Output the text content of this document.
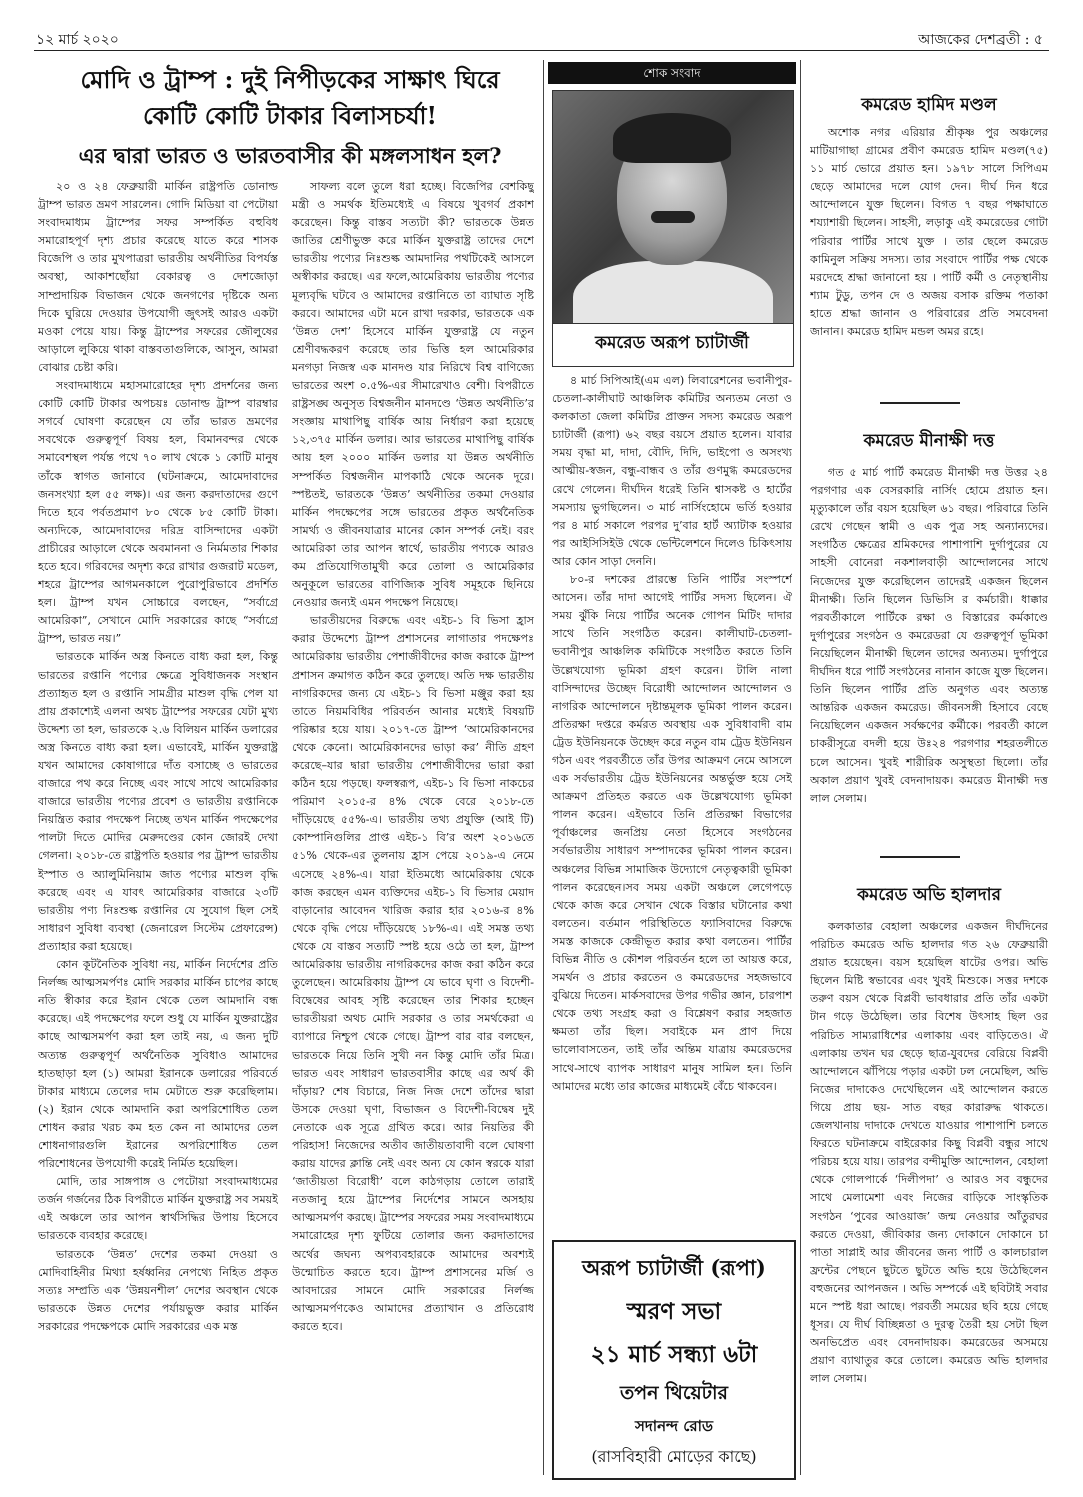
১২ মার্চ ২০২০	আজকের দেশব্রতী : ৫
মোদি ও ট্রাম্প : দুই নিপীড়কের সাক্ষাৎ ঘিরে
কোটি কোটি টাকার বিলাসচর্যা!
এর দ্বারা ভারত ও ভারতবাসীর কী মঙ্গলসাধন হল?

২০ ও ২৪ ফেব্রুয়ারী মার্কিন রাষ্ট্রপতি ডোনাল্ড ট্রাম্প ভারত ভ্রমণ সারলেন। গোদি মিডিয়া বা পেটোয়া সংবাদমাধ্যম ট্রাম্পের সফর সম্পর্কিত বহুবিধ সমারোহপূর্ণ দৃশ্য প্রচার করেছে যাতে করে শাসক বিজেপি ও তার মুখপাত্ররা ভারতীয় অর্থনীতির বিপর্যস্ত অবস্থা, আকাশছোঁয়া বেকারত্ব ও দেশজোড়া সাম্প্রদায়িক বিভাজন থেকে জনগণের দৃষ্টিকে অন্য দিকে ঘুরিয়ে দেওয়ার উপযোগী জুৎসই আরও একটা মওকা পেয়ে যায়। কিন্তু ট্রাম্পের সফরের জৌলুষের আড়ালে লুকিয়ে থাকা বাস্তবতাগুলিকে, আসুন, আমরা বোঝার চেষ্টা করি।

সংবাদমাধ্যমে মহাসমারোহের দৃশ্য প্রদর্শনের জন্য কোটি কোটি টাকার অপচয়ঃ ডোনাল্ড ট্রাম্প বারম্বার সগর্বে ঘোষণা করেছেন যে তাঁর ভারত ভ্রমণের সবথেকে গুরুত্বপূর্ণ বিষয় হল, বিমানবন্দর থেকে সমাবেশস্থল পর্যন্ত পথে ৭০ লাখ থেকে ১ কোটি মানুষ তাঁকে স্বাগত জানাবে (ঘটনাক্রমে, আমেদাবাদের জনসংখ্যা হল ৫৫ লক্ষ)। এর জন্য করদাতাদের গুণে দিতে হবে পর্বতপ্রমাণ ৮০ থেকে ৮৫ কোটি টাকা। অন্যদিকে, আমেদাবাদের দরিদ্র বাসিন্দাদের একটা প্রাচীরের আড়ালে থেকে অবমাননা ও নির্মমতার শিকার হতে হবে। গরিবদের অদৃশ্য করে রাখার গুজরাট মডেল, শহরে ট্রাম্পের আগমনকালে পুরোপুরিভাবে প্রদর্শিত হল। ট্রাম্প যখন সোচ্চারে বলছেন, “সর্বাগ্রে আমেরিকা”, সেখানে মোদি সরকারের কাছে “সর্বাগ্রে ট্রাম্প, ভারত নয়।”

ভারতকে মার্কিন অস্ত্র কিনতে বাধ্য করা হল, কিন্তু ভারতের রপ্তানি পণ্যের ক্ষেত্রে সুবিধাজনক সংস্থান প্রত্যাহৃত হল ও রপ্তানি সামগ্রীর মাশুল বৃদ্ধি পেল যা প্রায় প্রকাশ্যেই এলনা অথচ ট্রাম্পের সফরের যেটা মুখ্য উদ্দেশ্য তা হল, ভারতকে ২.৬ বিলিয়ন মার্কিন ডলারের অস্ত্র কিনতে বাধ্য করা হল। এভাবেই, মার্কিন যুক্তরাষ্ট্র যখন আমাদের কোষাগারে দাঁত বসাচ্ছে ও ভারতের বাজারে পথ করে নিচ্ছে এবং সাথে সাথে আমেরিকার বাজারে ভারতীয় পণ্যের প্রবেশ ও ভারতীয় রপ্তানিকে নিয়ন্ত্রিত করার পদক্ষেপ নিচ্ছে তখন মার্কিন পদক্ষেপের পালটা দিতে মোদির মেরুদণ্ডের কোন জোরই দেখা গেলনা। ২০১৮-তে রাষ্ট্রপতি হওয়ার পর ট্রাম্প ভারতীয় ইস্পাত ও অ্যালুমিনিয়াম জাত পণ্যের মাশুল বৃদ্ধি করেছে এবং এ যাবৎ আমেরিকার বাজারে ২৩টি ভারতীয় পণ্য নিঃশুল্ক রপ্তানির যে সুযোগ ছিল সেই সাধারণ সুবিধা ব্যবস্থা (জেনারেল সিস্টেম প্রেফারেন্স) প্রত্যাহার করা হয়েছে।

কোন কূটনৈতিক সুবিধা নয়, মার্কিন নির্দেশের প্রতি নির্লজ্জ আত্মসমর্পণঃ মোদি সরকার মার্কিন চাপের কাছে নতি স্বীকার করে ইরান থেকে তেল আমদানি বন্ধ করেছে। এই পদক্ষেপের ফলে শুধু যে মার্কিন যুক্তরাষ্ট্রের কাছে আত্মসমর্পণ করা হল তাই নয়, এ জন্য দুটি অত্যন্ত গুরুত্বপূর্ণ অর্থনৈতিক সুবিধাও আমাদের হাতছাড়া হল (১) আমরা ইরানকে ডলারের পরিবর্তে টাকার মাধ্যমে তেলের দাম মেটাতে শুরু করেছিলাম। (২) ইরান থেকে আমদানি করা অপরিশোধিত তেল শোধন করার খরচ কম হত কেন না আমাদের তেল শোধনাগারগুলি ইরানের অপরিশোধিত তেল পরিশোধনের উপযোগী করেই নির্মিত হয়েছিল।

মোদি, তার সাঙ্গপাঙ্গ ও পেটোয়া সংবাদমাধ্যমের তর্জন গর্জনের ঠিক বিপরীতে মার্কিন যুক্তরাষ্ট্র সব সময়ই এই অঞ্চলে তার আপন স্বার্থসিদ্ধির উপায় হিসেবে ভারতকে ব্যবহার করেছে।

ভারতকে ‘উন্নত’ দেশের তকমা দেওয়া ও মোদিবাহিনীর মিথ্যা হর্ষধ্বনির নেপথ্যে নিহিত প্রকৃত সত্যঃ সম্প্রতি এক ‘উন্নয়নশীল’ দেশের অবস্থান থেকে ভারতকে উন্নত দেশের পর্যায়ভুক্ত করার মার্কিন সরকারের পদক্ষেপকে মোদি সরকারের এক মস্ত

সাফল্য বলে তুলে ধরা হচ্ছে। বিজেপির বেশকিছু মন্ত্রী ও সমর্থক ইতিমধ্যেই এ বিষয়ে খুবগর্ব প্রকাশ করেছেন। কিন্তু বাস্তব সত্যটা কী? ভারতকে উন্নত জাতির শ্রেণীভুক্ত করে মার্কিন যুক্তরাষ্ট্র তাদের দেশে ভারতীয় পণ্যের নিঃশুল্ক আমদানির পথটিকেই আসলে অস্বীকার করছে। এর ফলে,আমেরিকায় ভারতীয় পণ্যের মূল্যবৃদ্ধি ঘটবে ও আমাদের রপ্তানিতে তা ব্যাঘাত সৃষ্টি করবে। আমাদের এটা মনে রাখা দরকার, ভারতকে এক ‘উন্নত দেশ’ হিসেবে মার্কিন যুক্তরাষ্ট্র যে নতুন শ্রেণীবদ্ধকরণ করেছে তার ভিত্তি হল আমেরিকার মনগড়া নিজস্ব এক মানদণ্ড যার নিরিখে বিশ্ব বাণিজ্যে ভারতের অংশ ০.৫%-এর সীমারেখাও বেশী। বিপরীতে রাষ্ট্রসঙ্ঘ অনুসৃত বিশ্বজনীন মানদণ্ডে ‘উন্নত অর্থনীতি’র সংজ্ঞায় মাথাপিছু বার্ষিক আয় নির্ধারণ করা হয়েছে ১২,৩৭৫ মার্কিন ডলার। আর ভারতের মাথাপিছু বার্ষিক আয় হল ২০০০ মার্কিন ডলার যা উন্নত অর্থনীতি সম্পর্কিত বিশ্বজনীন মাপকাঠি থেকে অনেক দূরে। স্পষ্টতই, ভারতকে ‘উন্নত’ অর্থনীতির তকমা দেওয়ার মার্কিন পদক্ষেপের সঙ্গে ভারতের প্রকৃত অর্থনৈতিক সামর্থ্য ও জীবনযাত্রার মানের কোন সম্পর্ক নেই। বরং আমেরিকা তার আপন স্বার্থে, ভারতীয় পণ্যকে আরও কম প্রতিযোগিতামুখী করে তোলা ও আমেরিকার অনুকূলে ভারতের বাণিজ্যিক সুবিধ সমূহকে ছিনিয়ে নেওয়ার জন্যই এমন পদক্ষেপ নিয়েছে।

ভারতীয়দের বিরুদ্ধে এবং এইচ-১ বি ভিসা হ্রাস করার উদ্দেশ্যে ট্রাম্প প্রশাসনের লাগাতার পদক্ষেপঃ আমেরিকায় ভারতীয় পেশাজীবীদের কাজ করাকে ট্রাম্প প্রশাসন ক্রমাগত কঠিন করে তুলছে। অতি দক্ষ ভারতীয় নাগরিকদের জন্য যে এইচ-১ বি ভিসা মঞ্জুর করা হয় তাতে নিয়মবিধির পরিবর্তন আনার মধ্যেই বিষয়টি পরিষ্কার হয়ে যায়। ২০১৭-তে ট্রাম্প ‘আমেরিকানদের থেকে কেনো। আমেরিকানদের ভাড়া কর’ নীতি গ্রহণ করেছে–যার দ্বারা ভারতীয় পেশাজীবীদের ভারা করা কঠিন হয়ে পড়ছে। ফলস্বরূপ, এইচ-১ বি ভিসা নাকচের পরিমাণ ২০১৫-র ৪% থেকে বেরে ২০১৮-তে দাঁড়িয়েছে ৫৫%-এ। ভারতীয় তথ্য প্রযুক্তি (আই টি) কোম্পানিগুলির প্রাপ্ত এইচ-১ বি’র অংশ ২০১৬তে ৫১% থেকে-এর তুলনায় হ্রাস পেয়ে ২০১৯-এ নেমে এসেছে ২৪%-এ। যারা ইতিমধ্যে আমেরিকায় থেকে কাজ করছেন এমন ব্যক্তিদের এইচ-১ বি ভিসার মেয়াদ বাড়ানোর আবেদন খারিজ করার হার ২০১৬-র ৪% থেকে বৃদ্ধি পেয়ে দাঁড়িয়েছে ১৮%-এ। এই সমস্ত তথ্য থেকে যে বাস্তব সত্যটি স্পষ্ট হয়ে ওঠে তা হল, ট্রাম্প আমেরিকায় ভারতীয় নাগরিকদের কাজ করা কঠিন করে তুলেছেন। আমেরিকায় ট্রাম্প যে ভাবে ঘৃণা ও বিদেশী-বিদ্বেষের আবহ সৃষ্টি করেছেন তার শিকার হচ্ছেন ভারতীয়রা অথচ মোদি সরকার ও তার সমর্থকেরা এ ব্যাপারে নিশ্চুপ থেকে গেছে। ট্রাম্প বার বার বলছেন, ভারতকে নিয়ে তিনি সুখী নন কিন্তু মোদি তাঁর মিত্র। ভারত এবং সাধারণ ভারতবাসীর কাছে এর অর্থ কী দাঁড়ায়? শেষ বিচারে, নিজ নিজ দেশে তাঁদের দ্বারা উসকে দেওয়া ঘৃণা, বিভাজন ও বিদেশী-বিদ্বেষ দুই নেতাকে এক সূত্রে গ্রথিত করে। আর নিয়তির কী পরিহাস! নিজেদের অতীব জাতীয়তাবাদী বলে ঘোষণা করায় যাদের ক্লান্তি নেই এবং অন্য যে কোন স্বরকে যারা ‘জাতীয়তা বিরোধী’ বলে কাঠগড়ায় তোলে তারাই নতজানু হয়ে ট্রাম্পের নির্দেশের সামনে অসহায় আত্মসমর্পণ করছে। ট্রাম্পের সফরের সময় সংবাদমাধ্যমে সমারোহের দৃশ্য ফুটিয়ে তোলার জন্য করদাতাদের অর্থের জঘন্য অপব্যবহারকে আমাদের অবশ্যই উন্মোচিত করতে হবে। ট্রাম্প প্রশাসনের মর্জি ও আবদারের সামনে মোদি সরকারের নির্লজ্জ আত্মসমর্পণকেও আমাদের প্রত্যাখান ও প্রতিরোধ করতে হবে।

শোক সংবাদ
কমরেড অরূপ চ্যাটার্জী

৪ মার্চ সিপিআই(এম এল) লিবারেশনের ভবানীপুর-চেতলা-কালীঘাট আঞ্চলিক কমিটির অন্যতম নেতা ও কলকাতা জেলা কমিটির প্রাক্তন সদস্য কমরেড অরূপ চ্যাটার্জী (রূপা) ৬২ বছর বয়সে প্রয়াত হলেন। যাবার সময় বৃদ্ধা মা, দাদা, বৌদি, দিদি, ভাইপো ও অসংখ্য আত্মীয়-স্বজন, বন্ধু-বান্ধব ও তাঁর গুণমুগ্ধ কমরেডদের রেখে গেলেন। দীর্ঘদিন ধরেই তিনি শ্বাসকষ্ট ও হার্টের সমস্যায় ভুগছিলেন। ৩ মার্চ নার্সিংহোমে ভর্তি হওয়ার পর ৪ মার্চ সকালে পরপর দু’বার হার্ট অ্যাটাক হওয়ার পর আইসিসিইউ থেকে ভেন্টিলেশনে দিলেও চিকিৎসায় আর কোন সাড়া দেননি।

৮০-র দশকের প্রারম্ভে তিনি পার্টির সংস্পর্শে আসেন। তাঁর দাদা আগেই পার্টির সদস্য ছিলেন। ঐ সময় ঝুঁকি নিয়ে পার্টির অনেক গোপন মিটিং দাদার সাথে তিনি সংগঠিত করেন। কালীঘাট-চেতলা-ভবানীপুর আঞ্চলিক কমিটিকে সংগঠিত করতে তিনি উল্লেখযোগ্য ভূমিকা গ্রহণ করেন। টালি নালা বাসিন্দাদের উচ্ছেদ বিরোধী আন্দোলন আন্দোলন ও নাগরিক আন্দোলনে দৃষ্টান্তমূলক ভূমিকা পালন করেন। প্রতিরক্ষা দপ্তরে কর্মরত অবস্থায় এক সুবিধাবাদী বাম ট্রেড ইউনিয়নকে উচ্ছেদ করে নতুন বাম ট্রেড ইউনিয়ন গঠন এবং পরবর্তীতে তাঁর উপর আক্রমণ নেমে আসলে এক সর্বভারতীয় ট্রেড ইউনিয়নের অন্তর্ভুক্ত হয়ে সেই আক্রমণ প্রতিহত করতে এক উল্লেখযোগ্য ভূমিকা পালন করেন। এইভাবে তিনি প্রতিরক্ষা বিভাগের পূর্বাঞ্চলের জনপ্রিয় নেতা হিসেবে সংগঠনের সর্বভারতীয় সাধারণ সম্পাদকের ভূমিকা পালন করেন। অঞ্চলের বিভিন্ন সামাজিক উদ্যোগে নেতৃত্বকারী ভূমিকা পালন করেছেন।সব সময় একটা অঞ্চলে লেগেপড়ে থেকে কাজ করে সেখান থেকে বিস্তার ঘটানোর কথা বলতেন। বর্তমান পরিস্থিতিতে ফ্যাসিবাদের বিরুদ্ধে সমস্ত কাজকে কেন্দ্রীভূত করার কথা বলতেন। পার্টির বিভিন্ন নীতি ও কৌশল পরিবর্তন হলে তা আয়ত্ত করে, সমর্থন ও প্রচার করতেন ও কমরেডদের সহজভাবে বুঝিয়ে দিতেন। মার্কসবাদের উপর গভীর জ্ঞান, চারপাশ থেকে তথ্য সংগ্রহ করা ও বিশ্লেষণ করার সহজাত ক্ষমতা তাঁর ছিল। সবাইকে মন প্রাণ দিয়ে ভালোবাসতেন, তাই তাঁর অন্তিম যাত্রায় কমরেডদের সাথে-সাথে ব্যাপক সাধারণ মানুষ সামিল হন। তিনি আমাদের মধ্যে তার কাজের মাধ্যমেই বেঁচে থাকবেন।

অরূপ চ্যাটার্জী (রূপা)
স্মরণ সভা
২১ মার্চ সন্ধ্যা ৬টা
তপন থিয়েটার
সদানন্দ রোড
(রাসবিহারী মোড়ের কাছে)
কমরেড হামিদ মণ্ডল

অশোক নগর এরিয়ার শ্রীকৃষ্ণ পুর অঞ্চলের মাটিয়াগাছা গ্রামের প্রবীণ কমরেড হামিদ মণ্ডল(৭৫) ১১ মার্চ ভোরে প্রয়াত হন। ১৯৭৮ সালে সিপিএম ছেড়ে আমাদের দলে যোগ দেন। দীর্ঘ দিন ধরে আন্দোলনে যুক্ত ছিলেন। বিগত ৭ বছর পক্ষাঘাতে শয্যাশায়ী ছিলেন। সাহসী, লড়াকু এই কমরেডের গোটা পরিবার পার্টির সাথে যুক্ত । তার ছেলে কমরেড কামিনুল সক্রিয় সদস্য। তার সংবাদে পার্টির পক্ষ থেকে মরদেহে শ্রদ্ধা জানানো হয় । পার্টি কর্মী ও নেতৃস্থানীয় শ্যাম টুডু, তপন দে ও অজয় বসাক রক্তিম পতাকা হাতে শ্রদ্ধা জানান ও পরিবারের প্রতি সমবেদনা জানান। কমরেড হামিদ মন্ডল অমর রহে।

কমরেড মীনাক্ষী দত্ত

গত ৫ মার্চ পার্টি কমরেড মীনাক্ষী দত্ত উত্তর ২৪ পরগণার এক বেসরকারি নার্সিং হোমে প্রয়াত হন। মৃত্যুকালে তাঁর বয়স হয়েছিল ৬১ বছর। পরিবারে তিনি রেখে গেছেন স্বামী ও এক পুত্র সহ অন্যান্যদের। সংগঠিত ক্ষেত্রের শ্রমিকদের পাশাপাশি দুর্গাপুরের যে সাহসী বোনেরা নকশালবাড়ী আন্দোলনের সাথে নিজেদের যুক্ত করেছিলেন তাদেরই একজন ছিলেন মীনাক্ষী। তিনি ছিলেন ডিভিসি র কর্মচারী। ধাক্কার পরবর্তীকালে পার্টিকে রক্ষা ও বিস্তারের কর্মকাণ্ডে দুর্গাপুরের সংগঠন ও কমরেডরা যে গুরুত্বপূর্ণ ভূমিকা নিয়েছিলেন মীনাক্ষী ছিলেন তাদের অন্যতম। দুর্গাপুরে দীর্ঘদিন ধরে পার্টি সংগঠনের নানান কাজে যুক্ত ছিলেন। তিনি ছিলেন পার্টির প্রতি অনুগত এবং অত্যন্ত আন্তরিক একজন কমরেড। জীবনসঙ্গী হিসাবে বেছে নিয়েছিলেন একজন সর্বক্ষণের কর্মীকে। পরবর্তী কালে চাকরীসূত্রে বদলী হয়ে উঃ২৪ পরগণার শহরতলীতে চলে আসেন। খুবই শারীরিক অসুস্থতা ছিলো। তাঁর অকাল প্রয়াণ খুবই বেদনাদায়ক। কমরেড মীনাক্ষী দত্ত লাল সেলাম।

কমরেড অভি হালদার

কলকাতার বেহালা অঞ্চলের একজন দীর্ঘদিনের পরিচিত কমরেড অভি হালদার গত ২৬ ফেব্রুয়ারী প্রয়াত হয়েছেন। বয়স হয়েছিল ষাটের ওপর। অভি ছিলেন মিষ্টি স্বভাবের এবং খুবই মিশুকে। সত্তর দশকে তরুণ বয়স থেকে বিপ্লবী ভাবধারার প্রতি তাঁর একটা টান গড়ে উঠেছিল। তার বিশেষ উৎসাহ ছিল ওর পরিচিত সাম্যরাধিশের এলাকায় এবং বাড়িতেও। ঐ এলাকায় তখন ঘর ছেড়ে ছাত্র-যুবদের বেরিয়ে বিপ্লবী আন্দোলনে ঝাঁপিয়ে পড়ার একটা ঢল নেমেছিল, অভি নিজের দাদাকেও দেখেছিলেন এই আন্দোলন করতে গিয়ে প্রায় ছয়- সাত বছর কারারুদ্ধ থাকতে। জেলখানায় দাদাকে দেখতে যাওয়ার পাশাপাশি চলতে ফিরতে ঘটনাক্রমে বাইরেকার কিছু বিপ্লবী বন্ধুর সাথে পরিচয় হয়ে যায়। তারপর বন্দীমুক্তি আন্দোলন, বেহালা থেকে গোলপার্কে ‘দিলীপদা’ ও আরও সব বন্ধুদের সাথে মেলামেশা এবং নিজের বাড়িকে সাংস্কৃতিক সংগঠন ‘পুবের আওয়াজ’ জন্ম নেওয়ার আঁতুরঘর করতে দেওয়া, জীবিকার জন্য দোকানে দোকানে চা পাতা সাপ্লাই আর জীবনের জন্য পার্টি ও কালচারাল ফ্রন্টের পেছনে ছুটতে ছুটতে অভি হয়ে উঠেছিলেন বহুজনের আপনজন । অভি সম্পর্কে এই ছবিটাই সবার মনে স্পষ্ট ধরা আছে। পরবর্তী সময়ের ছবি হয়ে গেছে ধূসর। যে দীর্ঘ বিচ্ছিন্নতা ও দুরত্ব তৈরী হয় সেটা ছিল অনভিপ্রেত এবং বেদনাদায়ক। কমরেডের অসময়ে প্রয়াণ ব্যাথাতুর করে তোলে। কমরেড অভি হালদার লাল সেলাম।
